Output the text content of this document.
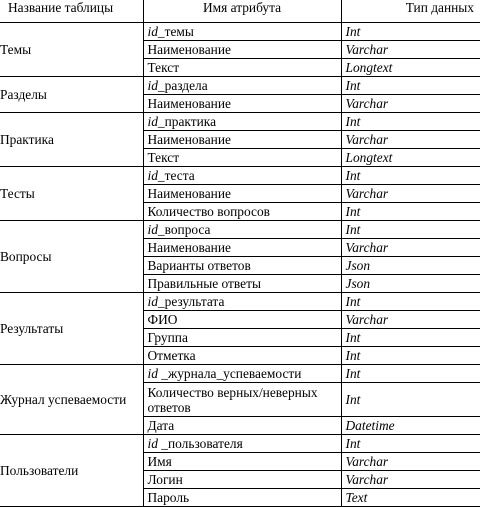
Название таблицы	Имя атрибута	Тип данных
Темы	id_темы	Int
	Наименование	Varchar
	Текст	Longtext
Разделы	id_раздела	Int
	Наименование	Varchar
Практика	id_практика	Int
	Наименование	Varchar
	Текст	Longtext
Тесты	id_теста	Int
	Наименование	Varchar
	Количество вопросов	Int
Вопросы	id_вопроса	Int
	Наименование	Varchar
	Варианты ответов	Json
	Правильные ответы	Json
Результаты	id_результата	Int
	ФИО	Varchar
	Группа	Int
	Отметка	Int
Журнал успеваемости	id _журнала_успеваемости	Int
	Количество верных/неверных ответов	Int
	Дата	Datetime
Пользователи	id _пользователя	Int
	Имя	Varchar
	Логин	Varchar
	Пароль	Text
